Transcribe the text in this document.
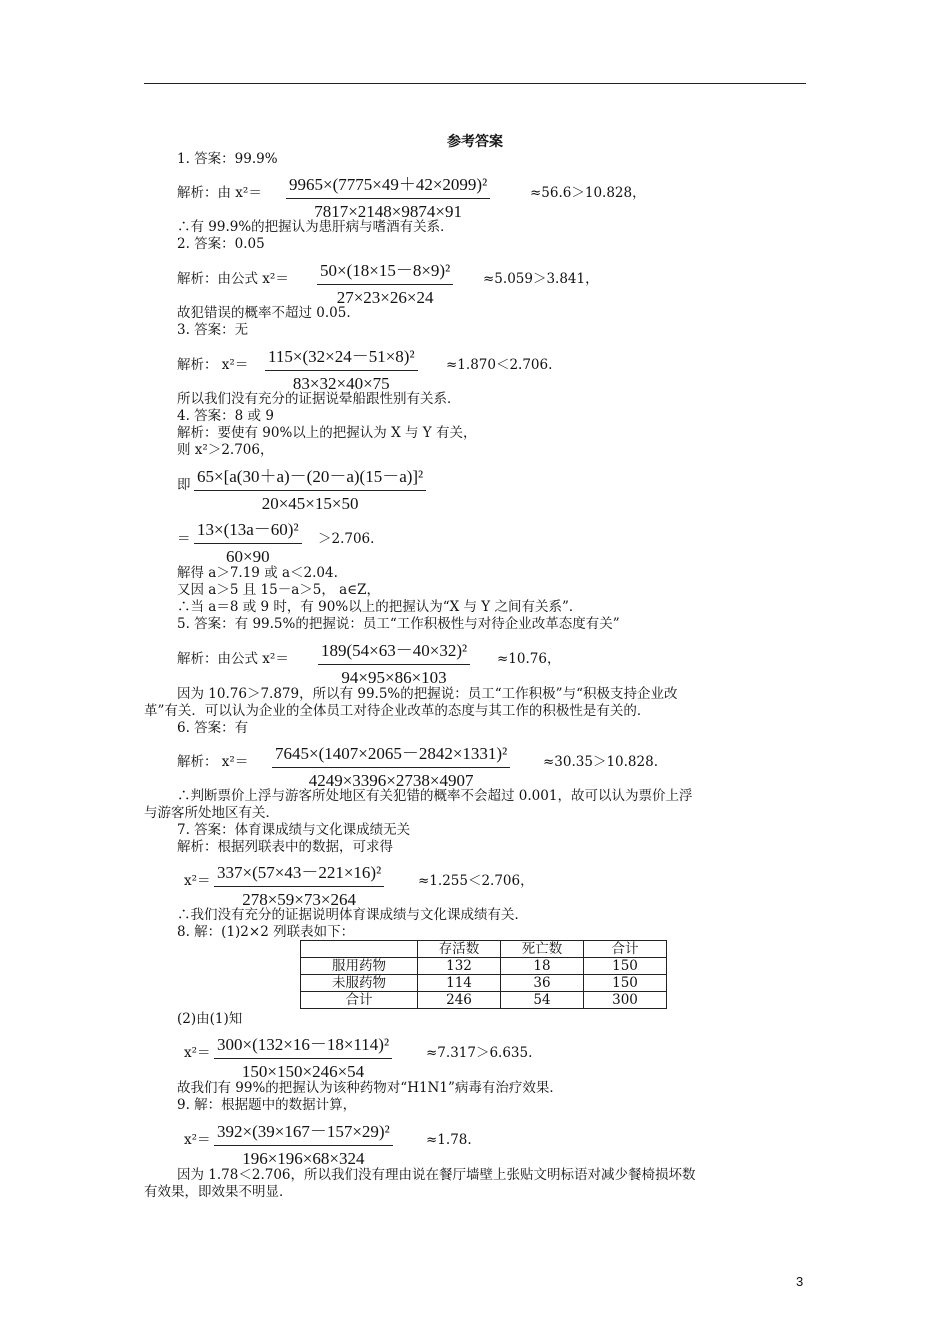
参考答案
1. 答案：99.9%
解析：由 $x^2= \frac{\text{9965×(7775×49＋42×2099)²}}{7817\times 2148\times 9874\times 91}$	≈56.6＞10.828，
∴有 99.9%的把握认为患肝病与嗜酒有关系．
2. 答案：0.05
解析：由公式 $x^2= \frac{\text{50×(18×15－8×9)²}}{27\times 23\times 26\times 24} \approx 5.059>3.841$，
故犯错误的概率不超过 0.05.
3. 答案：无
解析： $x^2= \frac{\text{115×(32×24－51×8)²}}{83\times 32\times 40\times 75} \approx 1.870<2.706$.
所以我们没有充分的证据说晕船跟性别有关系．
4. 答案：8 或 9
解析：要使有 90%以上的把握认为 X 与 Y 有关，
则 x²＞2.706，
即 $\frac{\text{65×[a(30＋a)－(20－a)(15－a)]²}}{20\times 45\times 15\times 50}$
＝ $\frac{\text{13×(13a－60)²}}{60\times 90} >2.706$.
解得 a＞7.19 或 a＜2.04.
又因 a＞5 且 15－a＞5， a∈Z，
∴当 a＝8 或 9 时，有 90%以上的把握认为“X 与 Y 之间有关系”．
5. 答案：有 99.5%的把握说：员工“工作积极性与对待企业改革态度有关”
解析：由公式 $x^2= \frac{\text{189(54×63－40×32)²}}{94\times 95\times 86\times 103} \approx 10.76$，
因为 10.76＞7.879，所以有 99.5%的把握说：员工“工作积极”与“积极支持企业改
革”有关．可以认为企业的全体员工对待企业改革的态度与其工作的积极性是有关的．
6. 答案：有
解析： $x^2= \frac{\text{7645×(1407×2065－2842×1331)²}}{4249\times 3396\times 2738\times 4907} \approx 30.35>10.828$.
∴判断票价上浮与游客所处地区有关犯错的概率不会超过 0.001，故可以认为票价上浮
与游客所处地区有关．
7. 答案：体育课成绩与文化课成绩无关
解析：根据列联表中的数据，可求得
$x^2= \frac{\text{337×(57×43－221×16)²}}{278\times 59\times 73\times 264}$	≈1.255＜2.706，
∴我们没有充分的证据说明体育课成绩与文化课成绩有关．
8. 解：(1)2×2 列联表如下：
	存活数	死亡数	合计
服用药物	132	18	150
未服药物	114	36	150
合计	246	54	300
(2)由(1)知
$x^2= \frac{\text{300×(132×16－18×114)²}}{150\times 150\times 246\times 54}$	≈7.317＞6.635.
故我们有 99%的把握认为该种药物对“H1N1”病毒有治疗效果．
9. 解：根据题中的数据计算，
$x^2= \frac{\text{392×(39×167－157×29)²}}{196\times 196\times 68\times 324} \approx 1.78$.
因为 1.78＜2.706，所以我们没有理由说在餐厅墙壁上张贴文明标语对减少餐椅损坏数
有效果，即效果不明显．
3
